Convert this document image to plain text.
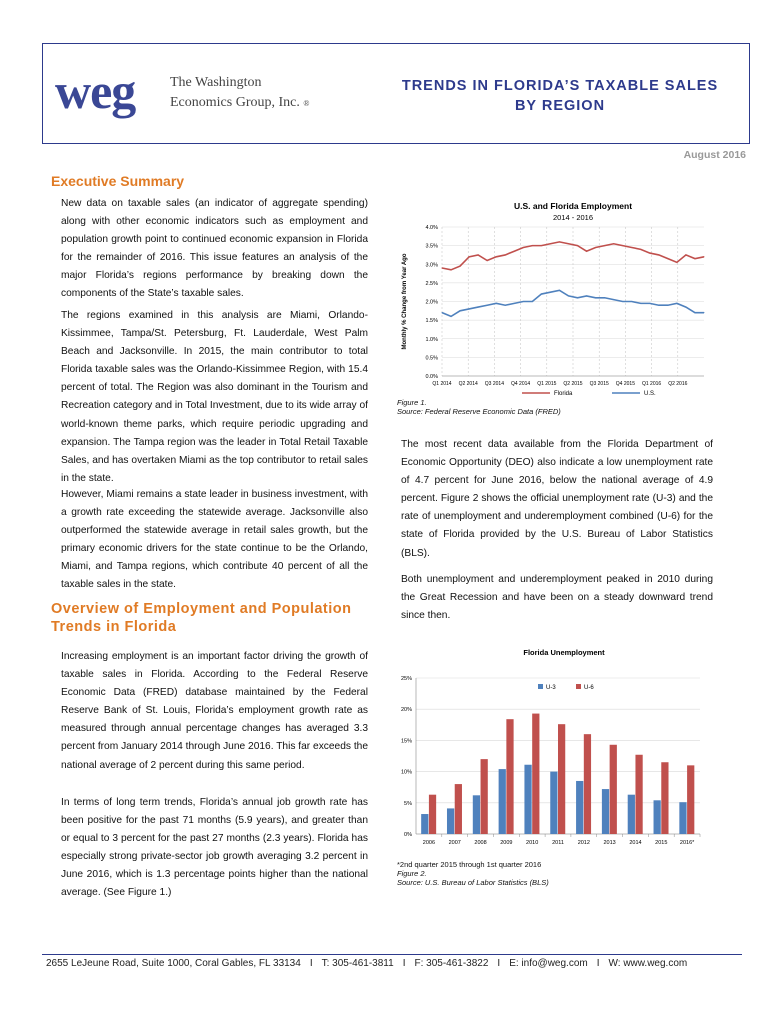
weg The Washington
Economics Group, Inc. ®
TRENDS IN FLORIDA’S TAXABLE SALES
BY REGION
August 2016
Executive Summary

New data on taxable sales (an indicator of aggregate spending) along with other economic indicators such as employment and population growth point to continued economic expansion in Florida for the remainder of 2016. This issue features an analysis of the major Florida’s regions performance by breaking down the components of the State’s taxable sales.

The regions examined in this analysis are Miami, Orlando-Kissimmee, Tampa/St. Petersburg, Ft. Lauderdale, West Palm Beach and Jacksonville. In 2015, the main contributor to total Florida taxable sales was the Orlando-Kissimmee Region, with 15.4 percent of total. The Region was also dominant in the Tourism and Recreation category and in Total Investment, due to its wide array of world-known theme parks, which require periodic upgrading and expansion. The Tampa region was the leader in Total Retail Taxable Sales, and has overtaken Miami as the top contributor to retail sales in the state.

However, Miami remains a state leader in business investment, with a growth rate exceeding the statewide average. Jacksonville also outperformed the statewide average in retail sales growth, but the primary economic drivers for the state continue to be the Orlando, Miami, and Tampa regions, which contribute 40 percent of all the taxable sales in the state.

Overview of Employment and Population
Trends in Florida

Increasing employment is an important factor driving the growth of taxable sales in Florida. According to the Federal Reserve Economic Data (FRED) database maintained by the Federal Reserve Bank of St. Louis, Florida’s employment growth rate as measured through annual percentage changes has averaged 3.3 percent from January 2014 through June 2016. This far exceeds the national average of 2 percent during this same period.

In terms of long term trends, Florida’s annual job growth rate has been positive for the past 71 months (5.9 years), and greater than or equal to 3 percent for the past 27 months (2.3 years). Florida has especially strong private-sector job growth averaging 3.2 percent in June 2016, which is 1.3 percentage points higher than the national average. (See Figure 1.)

U.S. and Florida Employment
2014 - 2016
0.0%
0.5%
1.0%
1.5%
2.0%
2.5%
3.0%
3.5%
4.0%
Q1 2014 Q2 2014 Q3 2014 Q4 2014 Q1 2015 Q2 2015 Q3 2015 Q4 2015 Q1 2016 Q2 2016
Monthly % Change from Year Ago
Florida	U.S.
Figure 1.
Source: Federal Reserve Economic Data (FRED)

The most recent data available from the Florida Department of Economic Opportunity (DEO) also indicate a low unemployment rate of 4.7 percent for June 2016, below the national average of 4.9 percent. Figure 2 shows the official unemployment rate (U-3) and the rate of unemployment and underemployment combined (U-6) for the state of Florida provided by the U.S. Bureau of Labor Statistics (BLS).

Both unemployment and underemployment peaked in 2010 during the Great Recession and have been on a steady downward trend since then.

Florida Unemployment
0%
5%
10%
15%
20%
25%
2006 2007 2008 2009 2010	2011	2012 2013 2014 2015 2016*
U-3	U-6
*2nd quarter 2015 through 1st quarter 2016
Figure 2.
Source: U.S. Bureau of Labor Statistics (BLS)
2655 LeJeune Road, Suite 1000, Coral Gables, FL 33134 I T: 305-461-3811 I F: 305-461-3822 I E: info@weg.com I W: www.weg.com
